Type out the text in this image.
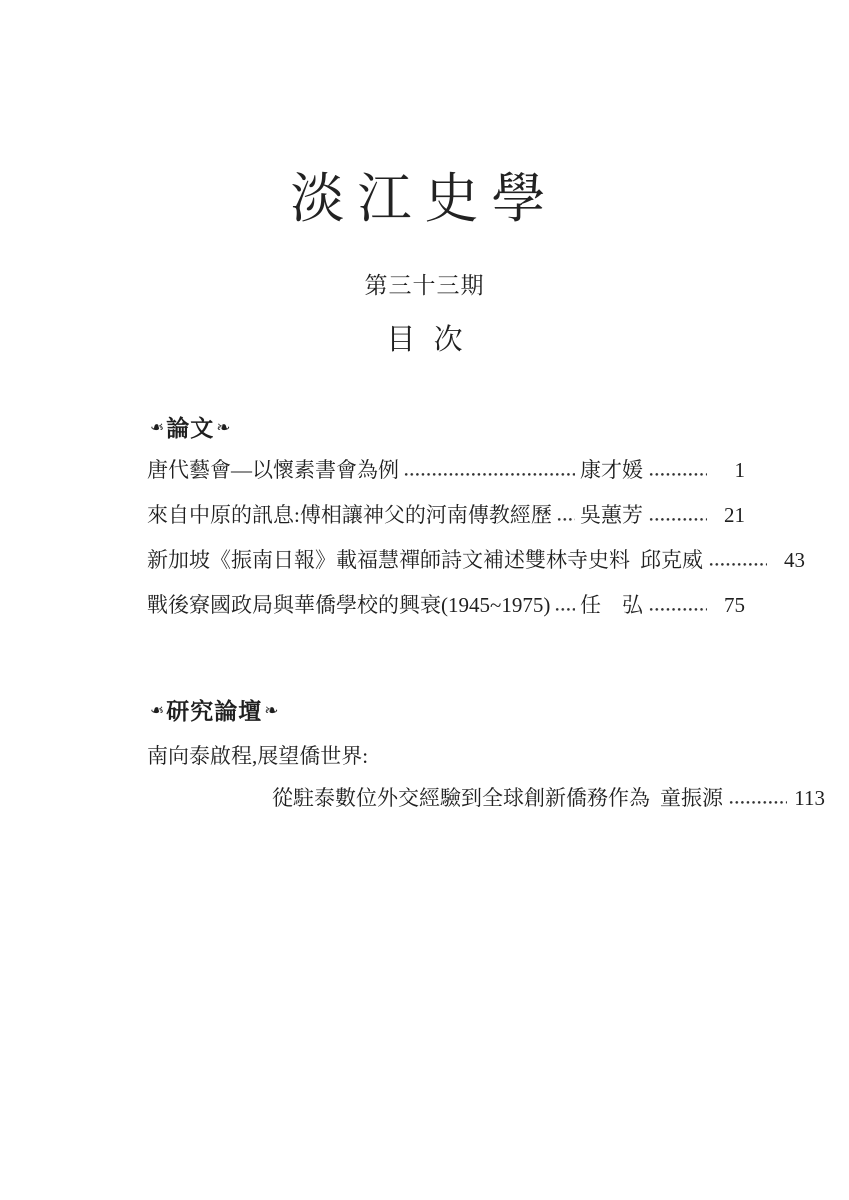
淡江史學
第三十三期
目 次
❧ 論文 ❧
唐代藝會—以懷素書會為例	康才媛	1
來自中原的訊息:傅相讓神父的河南傳教經歷 吳蕙芳	21
新加坡《振南日報》載福慧禪師詩文補述雙林寺史料 邱克威	43
戰後寮國政局與華僑學校的興衰(1945~1975) 任　弘	75
❧ 研究論壇 ❧
南向泰啟程,展望僑世界:
從駐泰數位外交經驗到全球創新僑務作為 童振源	113
